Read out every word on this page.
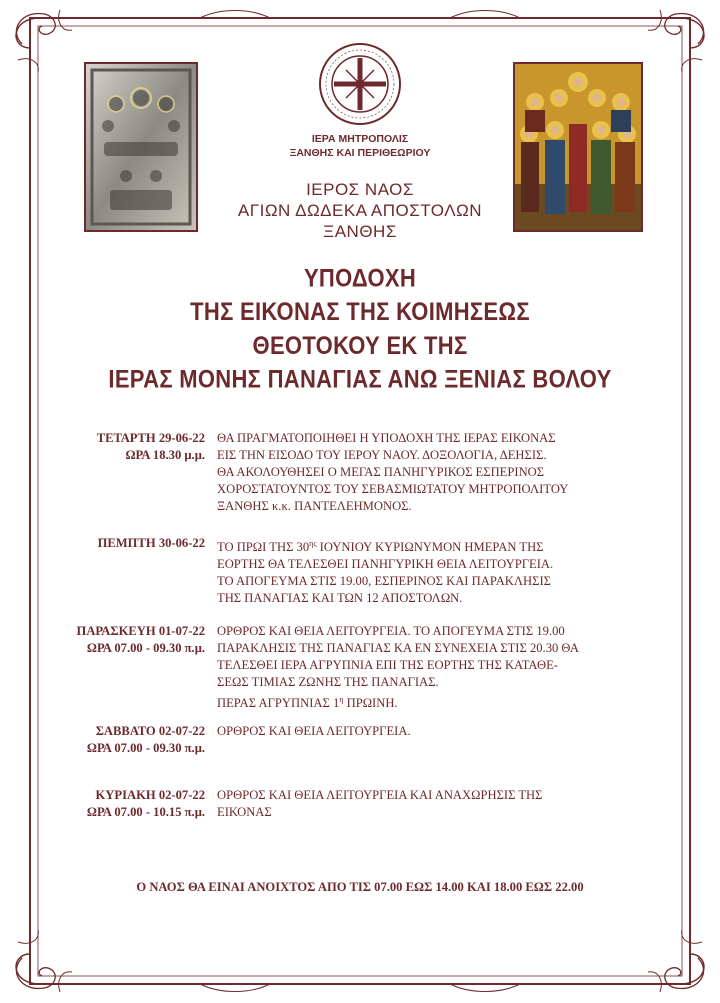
ΙΕΡΑ ΜΗΤΡΟΠΟΛΙΣ
ΞΑΝΘΗΣ ΚΑΙ ΠΕΡΙΘΕΩΡΙΟΥ
ΙΕΡΟΣ ΝΑΟΣ
ΑΓΙΩΝ ΔΩΔΕΚΑ ΑΠΟΣΤΟΛΩΝ
ΞΑΝΘΗΣ
ΥΠΟΔΟΧΗ
ΤΗΣ ΕΙΚΟΝΑΣ ΤΗΣ ΚΟΙΜΗΣΕΩΣ
ΘΕΟΤΟΚΟΥ ΕΚ ΤΗΣ
ΙΕΡΑΣ ΜΟΝΗΣ ΠΑΝΑΓΙΑΣ ΑΝΩ ΞΕΝΙΑΣ ΒΟΛΟΥ
ΤΕΤΑΡΤΗ 29-06-22
ΩΡΑ 18.30 μ.μ.
ΘΑ ΠΡΑΓΜΑΤΟΠΟΙΗΘΕΙ Η ΥΠΟΔΟΧΗ ΤΗΣ ΙΕΡΑΣ ΕΙΚΟΝΑΣ
ΕΙΣ ΤΗΝ ΕΙΣΟΔΟ ΤΟΥ ΙΕΡΟΥ ΝΑΟΥ. ΔΟΞΟΛΟΓΙΑ, ΔΕΗΣΙΣ.
ΘΑ ΑΚΟΛΟΥΘΗΣΕΙ Ο ΜΕΓΑΣ ΠΑΝΗΓΥΡΙΚΟΣ ΕΣΠΕΡΙΝΟΣ
ΧΟΡΟΣΤΑΤΟΥΝΤΟΣ ΤΟΥ ΣΕΒΑΣΜΙΩΤΑΤΟΥ ΜΗΤΡΟΠΟΛΙΤΟΥ
ΞΑΝΘΗΣ κ.κ. ΠΑΝΤΕΛΕΗΜΟΝΟΣ.
ΠΕΜΠΤΗ 30-06-22 ΤΟ ΠΡΩΙ ΤΗΣ $30^{\eta\varsigma}$ ΙΟΥΝΙΟΥ ΚΥΡΙΩΝΥΜΟΝ ΗΜΕΡΑΝ ΤΗΣ
ΕΟΡΤΗΣ ΘΑ ΤΕΛΕΣΘΕΙ ΠΑΝΗΓΥΡΙΚΗ ΘΕΙΑ ΛΕΙΤΟΥΡΓΕΙΑ.
ΤΟ ΑΠΟΓΕΥΜΑ ΣΤΙΣ 19.00, ΕΣΠΕΡΙΝΟΣ ΚΑΙ ΠΑΡΑΚΛΗΣΙΣ
ΤΗΣ ΠΑΝΑΓΙΑΣ ΚΑΙ ΤΩΝ 12 ΑΠΟΣΤΟΛΩΝ.
ΠΑΡΑΣΚΕΥΗ 01-07-22
ΩΡΑ 07.00 - 09.30 π.μ.
ΟΡΘΡΟΣ ΚΑΙ ΘΕΙΑ ΛΕΙΤΟΥΡΓΕΙΑ. ΤΟ ΑΠΟΓΕΥΜΑ ΣΤΙΣ 19.00
ΠΑΡΑΚΛΗΣΙΣ ΤΗΣ ΠΑΝΑΓΙΑΣ ΚΑ ΕΝ ΣΥΝΕΧΕΙΑ ΣΤΙΣ 20.30 ΘΑ
ΤΕΛΕΣΘΕΙ ΙΕΡΑ ΑΓΡΥΠΝΙΑ ΕΠΙ ΤΗΣ ΕΟΡΤΗΣ ΤΗΣ ΚΑΤΑΘΕ-
ΣΕΩΣ ΤΙΜΙΑΣ ΖΩΝΗΣ ΤΗΣ ΠΑΝΑΓΙΑΣ.
ΠΕΡΑΣ ΑΓΡΥΠΝΙΑΣ $1^\eta$ ΠΡΩΙΝΗ.
ΣΑΒΒΑΤΟ 02-07-22
ΩΡΑ 07.00 - 09.30 π.μ.
ΟΡΘΡΟΣ ΚΑΙ ΘΕΙΑ ΛΕΙΤΟΥΡΓΕΙΑ.
ΚΥΡΙΑΚΗ 02-07-22
ΩΡΑ 07.00 - 10.15 π.μ.
ΟΡΘΡΟΣ ΚΑΙ ΘΕΙΑ ΛΕΙΤΟΥΡΓΕΙΑ ΚΑΙ ΑΝΑΧΩΡΗΣΙΣ ΤΗΣ
ΕΙΚΟΝΑΣ
Ο ΝΑΟΣ ΘΑ ΕΙΝΑΙ ΑΝΟΙΧΤΟΣ ΑΠΟ ΤΙΣ 07.00 ΕΩΣ 14.00 ΚΑΙ 18.00 ΕΩΣ 22.00
